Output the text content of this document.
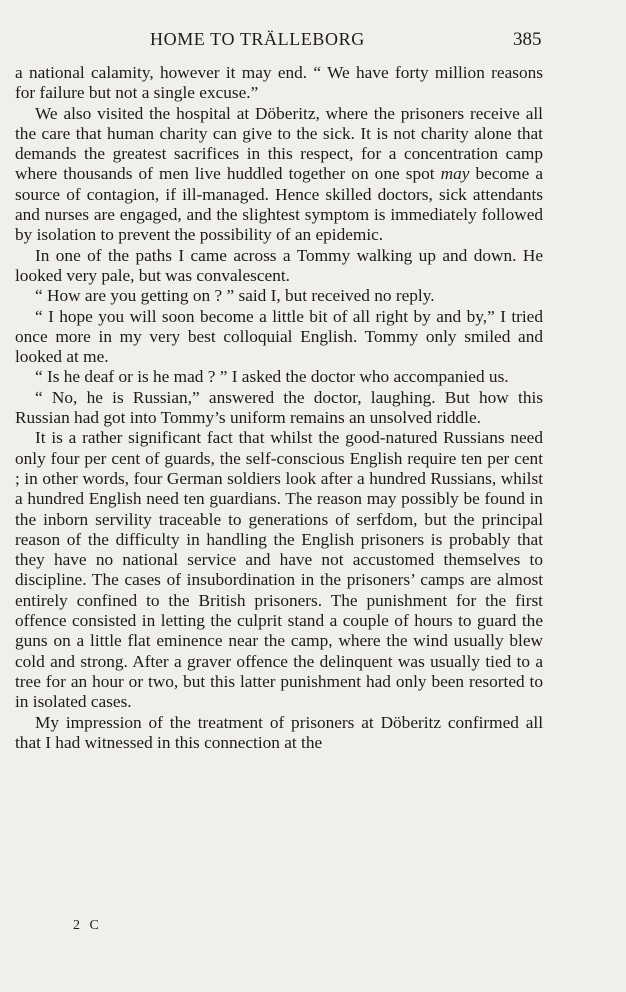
HOME TO TRÄLLEBORG	385

a national calamity, however it may end. “ We have forty million reasons for failure but not a single excuse.”

We also visited the hospital at Döberitz, where the prisoners receive all the care that human charity can give to the sick. It is not charity alone that demands the greatest sacrifices in this respect, for a concentration camp where thousands of men live huddled together on one spot may become a source of contagion, if ill-managed. Hence skilled doctors, sick attendants and nurses are engaged, and the slightest symptom is immediately followed by isolation to prevent the possibility of an epidemic.

In one of the paths I came across a Tommy walking up and down. He looked very pale, but was convalescent.

“ How are you getting on ? ” said I, but received no reply.

“ I hope you will soon become a little bit of all right by and by,” I tried once more in my very best colloquial English. Tommy only smiled and looked at me.

“ Is he deaf or is he mad ? ” I asked the doctor who accompanied us.

“ No, he is Russian,” answered the doctor, laughing. But how this Russian had got into Tommy’s uniform remains an unsolved riddle.

It is a rather significant fact that whilst the good-natured Russians need only four per cent of guards, the self-conscious English require ten per cent ; in other words, four German soldiers look after a hundred Russians, whilst a hundred English need ten guardians. The reason may possibly be found in the inborn servility traceable to generations of serfdom, but the principal reason of the difficulty in handling the English prisoners is probably that they have no national service and have not accustomed themselves to discipline. The cases of insubordination in the prisoners’ camps are almost entirely confined to the British prisoners. The punishment for the first offence consisted in letting the culprit stand a couple of hours to guard the guns on a little flat eminence near the camp, where the wind usually blew cold and strong. After a graver offence the delinquent was usually tied to a tree for an hour or two, but this latter punishment had only been resorted to in isolated cases.

My impression of the treatment of prisoners at Döberitz confirmed all that I had witnessed in this connection at the

2 C
